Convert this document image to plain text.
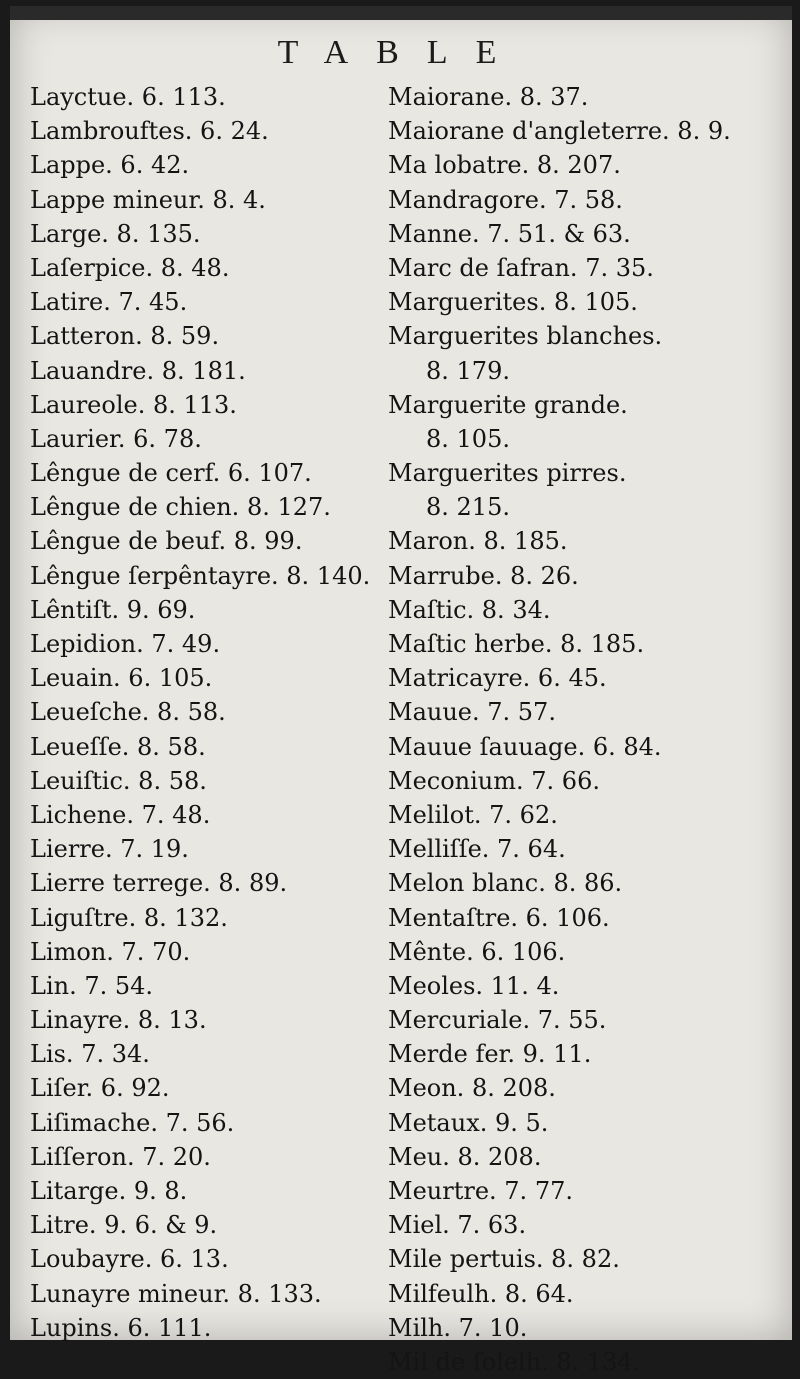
TABLE
Layctue. 6. 113.
Lambrouftes. 6. 24.
Lappe. 6. 42.
Lappe mineur. 8. 4.
Large. 8. 135.
Laſerpice. 8. 48.
Latire. 7. 45.
Latteron. 8. 59.
Lauandre. 8. 181.
Laureole. 8. 113.
Laurier. 6. 78.
Lêngue de cerf. 6. 107.
Lêngue de chien. 8. 127.
Lêngue de beuf. 8. 99.
Lêngue ſerpêntayre. 8. 140.
Lêntiſt. 9. 69.
Lepidion. 7. 49.
Leuain. 6. 105.
Leueſche. 8. 58.
Leueſſe. 8. 58.
Leuiſtic. 8. 58.
Lichene. 7. 48.
Lierre. 7. 19.
Lierre terrege. 8. 89.
Liguſtre. 8. 132.
Limon. 7. 70.
Lin. 7. 54.
Linayre. 8. 13.
Lis. 7. 34.
Liſer. 6. 92.
Liſimache. 7. 56.
Liſſeron. 7. 20.
Litarge. 9. 8.
Litre. 9. 6. & 9.
Loubayre. 6. 13.
Lunayre mineur. 8. 133.
Lupins. 6. 111.
Maiorane. 8. 37.
Maiorane d'angleterre. 8. 9.
Ma lobatre. 8. 207.
Mandragore. 7. 58.
Manne. 7. 51. & 63.
Marc de ſafran. 7. 35.
Marguerites. 8. 105.
Marguerites blanches.
8. 179.
Marguerite grande.
8. 105.
Marguerites pirres.
8. 215.
Maron. 8. 185.
Marrube. 8. 26.
Maſtic. 8. 34.
Maſtic herbe. 8. 185.
Matricayre. 6. 45.
Mauue. 7. 57.
Mauue ſauuage. 6. 84.
Meconium. 7. 66.
Melilot. 7. 62.
Melliſſe. 7. 64.
Melon blanc. 8. 86.
Mentaſtre. 6. 106.
Mênte. 6. 106.
Meoles. 11. 4.
Mercuriale. 7. 55.
Merde fer. 9. 11.
Meon. 8. 208.
Metaux. 9. 5.
Meu. 8. 208.
Meurtre. 7. 77.
Miel. 7. 63.
Mile pertuis. 8. 82.
Milfeulh. 8. 64.
Milh. 7. 10.
Mil de ſolelh. 8. 134.
